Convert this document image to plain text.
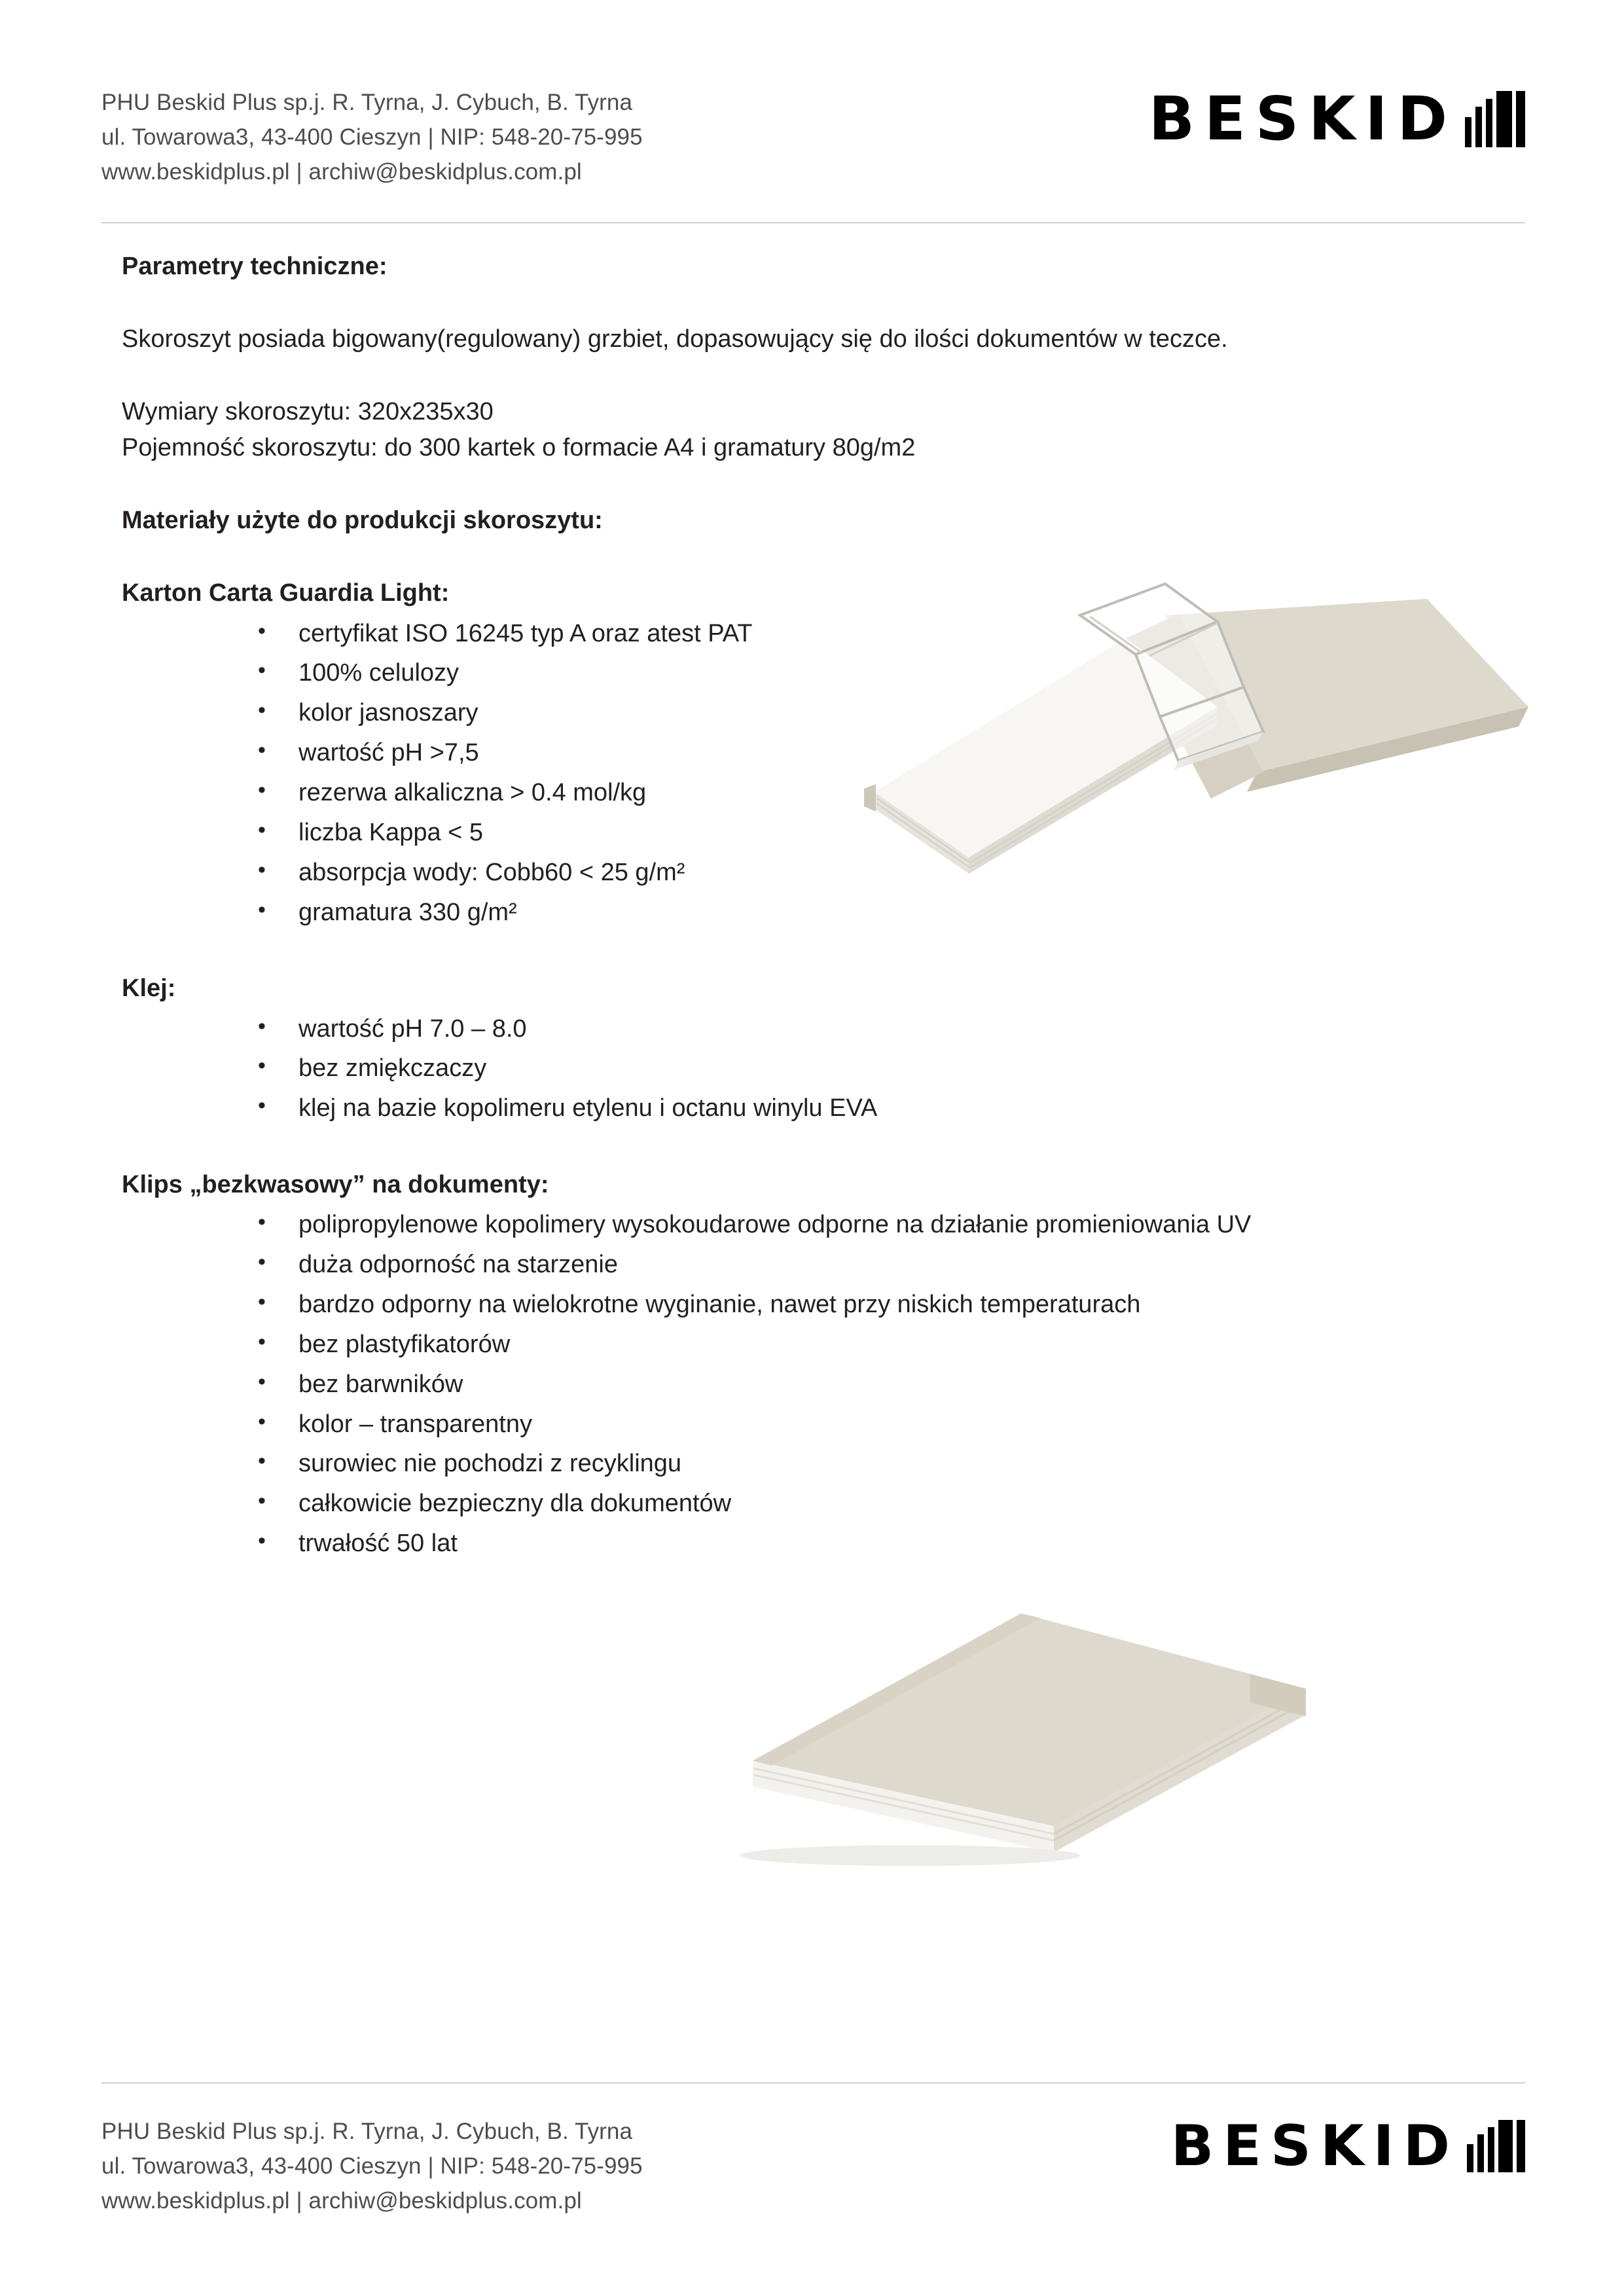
PHU Beskid Plus sp.j. R. Tyrna, J. Cybuch, B. Tyrna
ul. Towarowa3, 43-400 Cieszyn | NIP: 548-20-75-995
www.beskidplus.pl | archiw@beskidplus.com.pl
BESKID
Parametry techniczne:
Skoroszyt posiada bigowany(regulowany) grzbiet, dopasowujący się do ilości dokumentów w teczce.
Wymiary skoroszytu: 320x235x30
Pojemność skoroszytu: do 300 kartek o formacie A4 i gramatury 80g/m2
Materiały użyte do produkcji skoroszytu:
Karton Carta Guardia Light:
• certyfikat ISO 16245 typ A oraz atest PAT
• 100% celulozy
• kolor jasnoszary
• wartość pH >7,5
• rezerwa alkaliczna > 0.4 mol/kg
• liczba Kappa < 5
• absorpcja wody: Cobb60 < 25 g/m²
• gramatura 330 g/m²
Klej:
• wartość pH 7.0 – 8.0
• bez zmiękczaczy
• klej na bazie kopolimeru etylenu i octanu winylu EVA
Klips „bezkwasowy” na dokumenty:
• polipropylenowe kopolimery wysokoudarowe odporne na działanie promieniowania UV
• duża odporność na starzenie
• bardzo odporny na wielokrotne wyginanie, nawet przy niskich temperaturach
• bez plastyfikatorów
• bez barwników
• kolor – transparentny
• surowiec nie pochodzi z recyklingu
• całkowicie bezpieczny dla dokumentów
• trwałość 50 lat
PHU Beskid Plus sp.j. R. Tyrna, J. Cybuch, B. Tyrna
ul. Towarowa3, 43-400 Cieszyn | NIP: 548-20-75-995
www.beskidplus.pl | archiw@beskidplus.com.pl
BESKID
